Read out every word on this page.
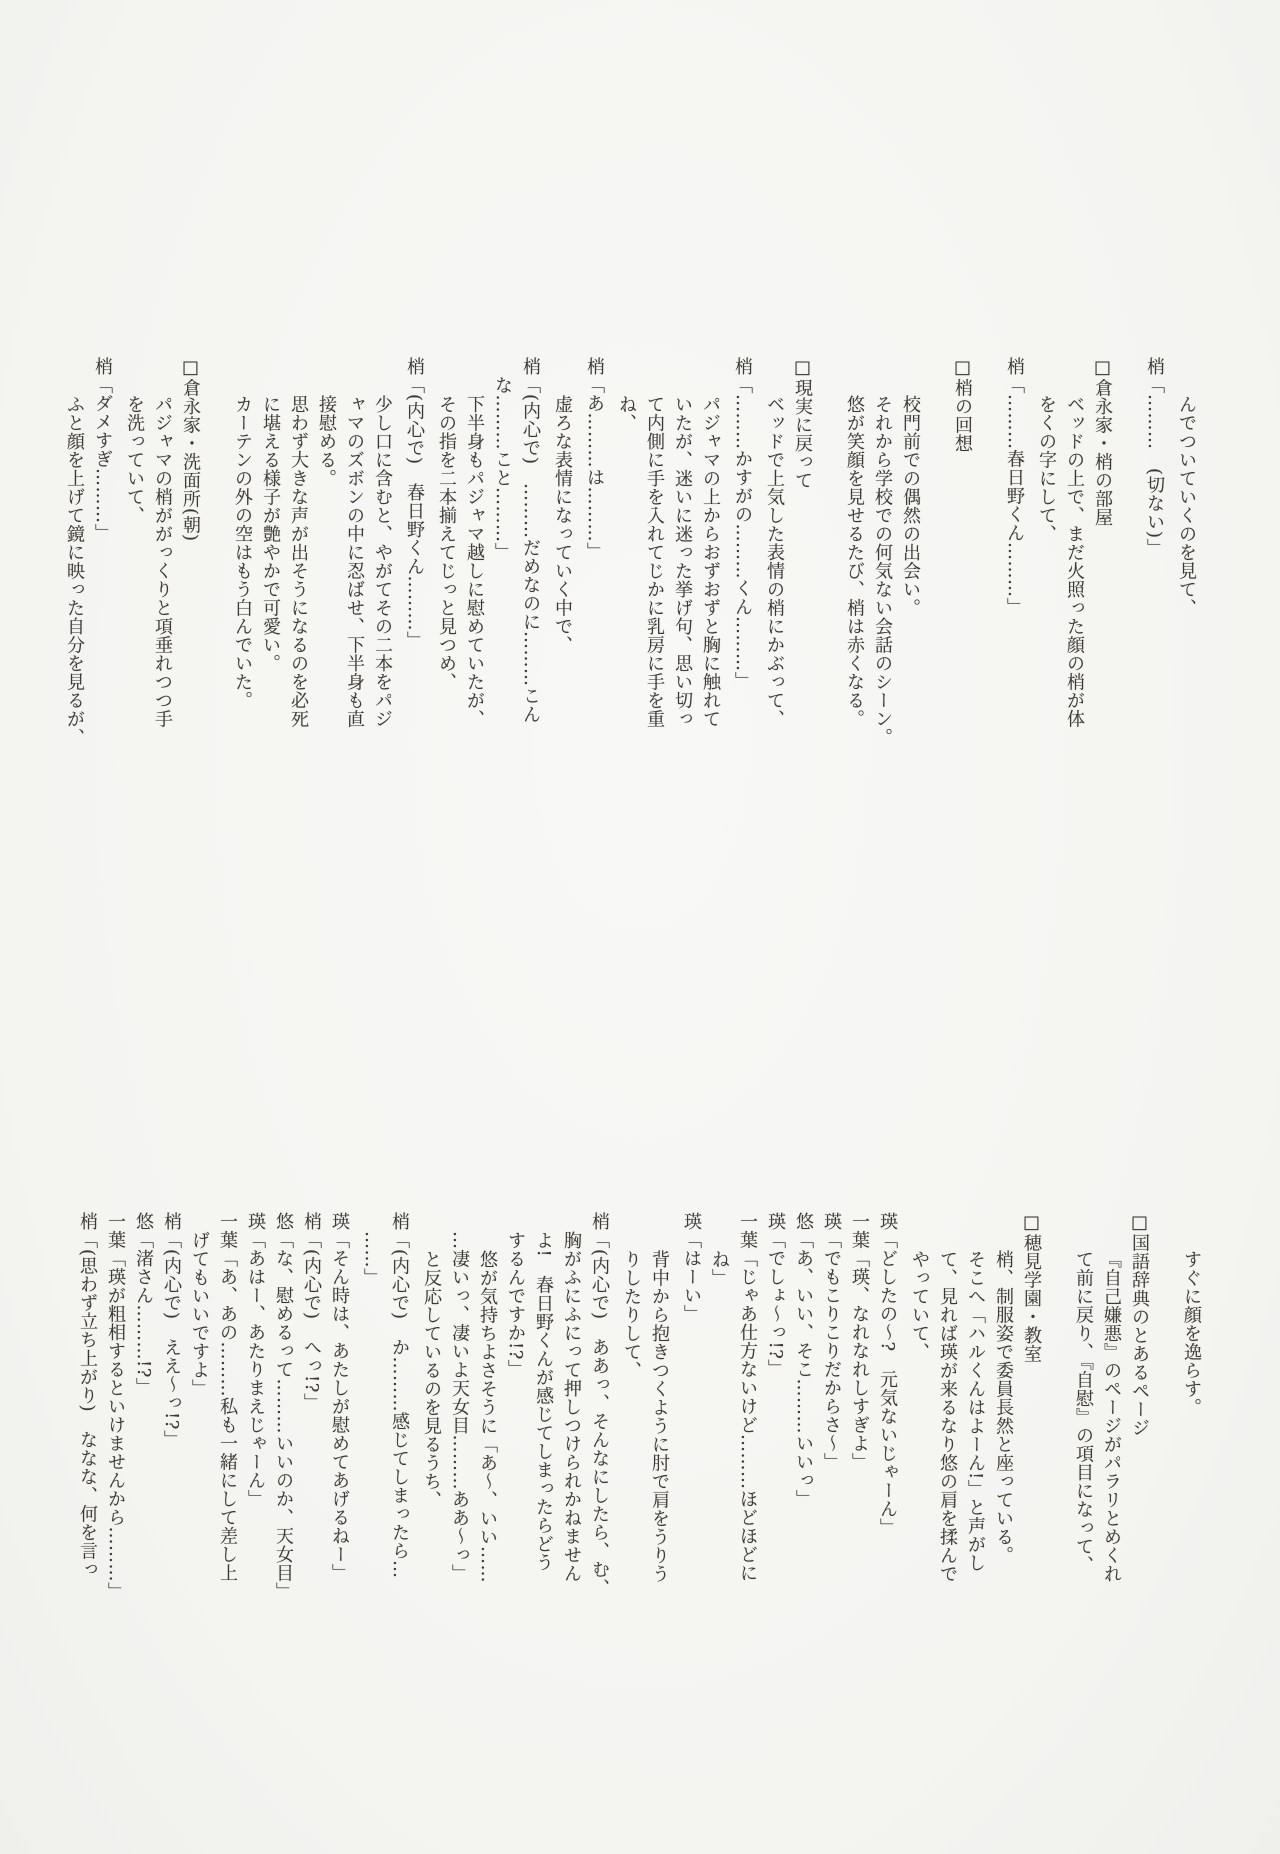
んでついていくのを見て、
梢「………　(切ない)」
□倉永家・梢の部屋
ベッドの上で、まだ火照った顔の梢が体
をくの字にして、
梢「………春日野くん………」
□梢の回想
校門前での偶然の出会い。
それから学校での何気ない会話のシーン。
悠が笑顔を見せるたび、梢は赤くなる。
□現実に戻って
ベッドで上気した表情の梢にかぶって、
梢「………かすがの………くん………」
パジャマの上からおずおずと胸に触れて
いたが、迷いに迷った挙げ句、思い切っ
て内側に手を入れてじかに乳房に手を重
ね、
梢「あ………は………」
虚ろな表情になっていく中で、
梢「(内心で)　………だめなのに………こん
な………こと………」
下半身もパジャマ越しに慰めていたが、
その指を二本揃えてじっと見つめ、
梢「(内心で)　春日野くん………」
少し口に含むと、やがてその二本をパジ
ャマのズボンの中に忍ばせ、下半身も直
接慰める。
思わず大きな声が出そうになるのを必死
に堪える様子が艶やかで可愛い。
カーテンの外の空はもう白んでいた。
□倉永家・洗面所(朝)
パジャマの梢ががっくりと項垂れつつ手
を洗っていて、
梢「ダメすぎ………」
ふと顔を上げて鏡に映った自分を見るが、
すぐに顔を逸らす。
□国語辞典のとあるページ
『自己嫌悪』のページがパラリとめくれ
て前に戻り、『自慰』の項目になって、
□穂見学園・教室
梢、制服姿で委員長然と座っている。
そこへ「ハルくんはよーん!」と声がし
て、見れば瑛が来るなり悠の肩を揉んで
やっていて、
瑛「どしたの〜?　元気ないじゃーん」
一葉「瑛、なれなれしすぎよ」
瑛「でもこりこりだからさ〜」
悠「あ、いい、そこ………いいっ」
瑛「でしょ〜っ!?」
一葉「じゃあ仕方ないけど………ほどほどに
ね」
瑛「はーい」
背中から抱きつくように肘で肩をうりう
りしたりして、
梢「(内心で)　ああっ、そんなにしたら、む、
胸がふにふにって押しつけられかねません
よ!　春日野くんが感じてしまったらどう
するんですか!?」
悠が気持ちよさそうに「あ〜、いい……
…凄いっ、凄いよ天女目………ああ〜っ」
と反応しているのを見るうち、
梢「(内心で)　か………感じてしまったら…
……」
瑛「そん時は、あたしが慰めてあげるねー」
梢「(内心で)　へっ!?」
悠「な、慰めるって………いいのか、天女目」
瑛「あはー、あたりまえじゃーん」
一葉「あ、あの………私も一緒にして差し上
げてもいいですよ」
梢「(内心で)　ええ〜っ!?」
悠「渚さん………!?」
一葉「瑛が粗相するといけませんから………」
梢「(思わず立ち上がり)　ななな、何を言っ
